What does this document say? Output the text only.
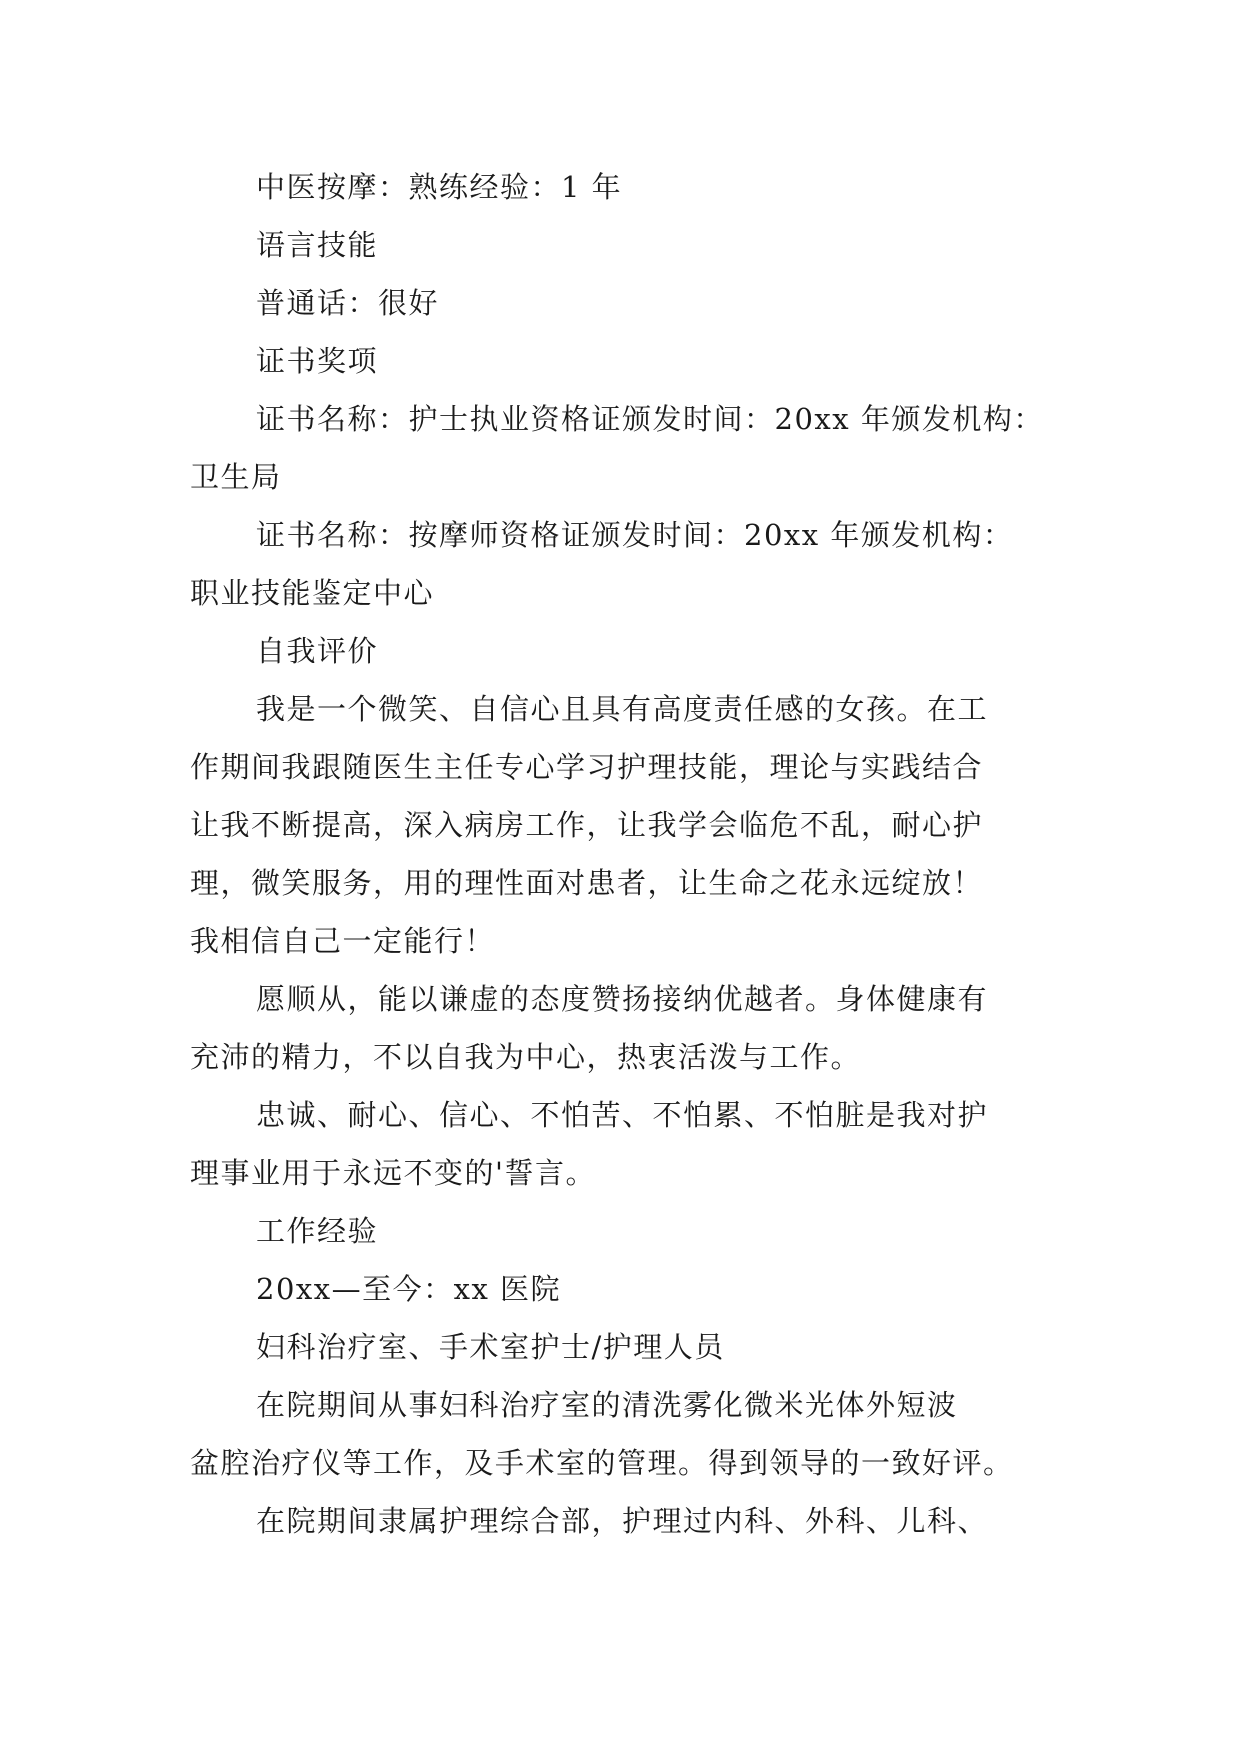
中医按摩：熟练经验：1 年
语言技能
普通话：很好
证书奖项
证书名称：护士执业资格证颁发时间：20xx 年颁发机构：
卫生局
证书名称：按摩师资格证颁发时间：20xx 年颁发机构：
职业技能鉴定中心
自我评价
我是一个微笑、自信心且具有高度责任感的女孩。在工
作期间我跟随医生主任专心学习护理技能，理论与实践结合
让我不断提高，深入病房工作，让我学会临危不乱，耐心护
理，微笑服务，用的理性面对患者，让生命之花永远绽放！
我相信自己一定能行！
愿顺从，能以谦虚的态度赞扬接纳优越者。身体健康有
充沛的精力，不以自我为中心，热衷活泼与工作。
忠诚、耐心、信心、不怕苦、不怕累、不怕脏是我对护
理事业用于永远不变的'誓言。
工作经验
20xx—至今：xx 医院
妇科治疗室、手术室护士/护理人员
在院期间从事妇科治疗室的清洗雾化微米光体外短波
盆腔治疗仪等工作，及手术室的管理。得到领导的一致好评。
在院期间隶属护理综合部，护理过内科、外科、儿科、
